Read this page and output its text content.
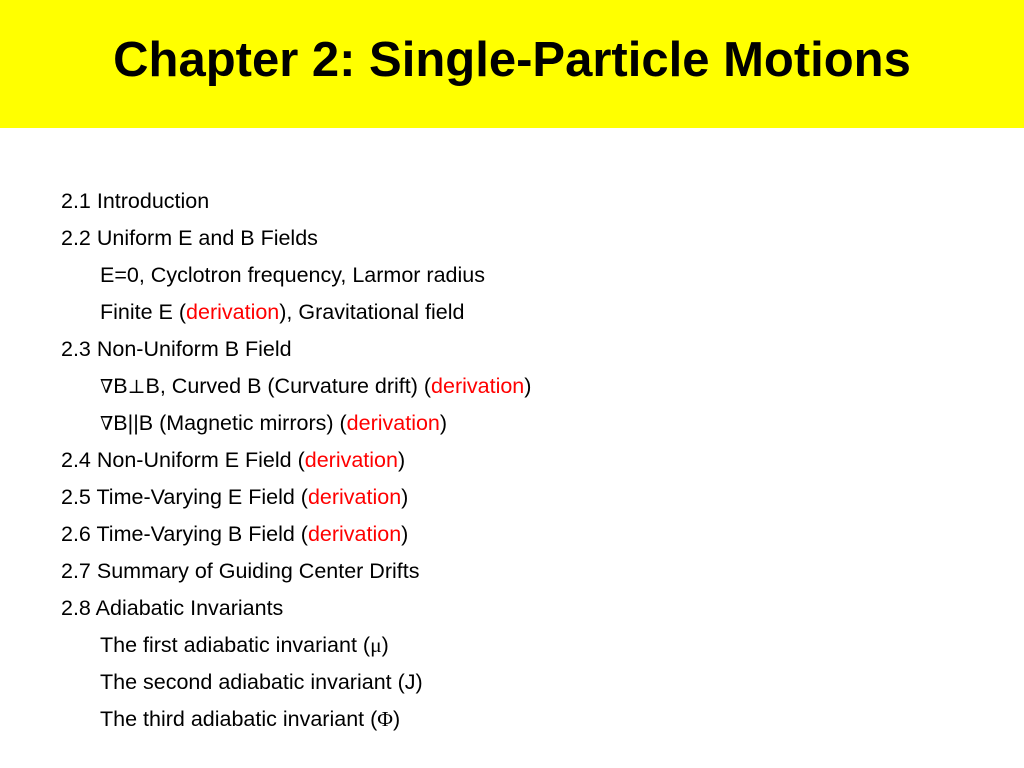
Chapter 2: Single-Particle Motions
2.1 Introduction
2.2 Uniform E and B Fields
E=0, Cyclotron frequency, Larmor radius
Finite E (derivation), Gravitational field
2.3 Non-Uniform B Field
∇B⊥B, Curved B (Curvature drift) (derivation)
∇B||B (Magnetic mirrors) (derivation)
2.4 Non-Uniform E Field (derivation)
2.5 Time-Varying E Field (derivation)
2.6 Time-Varying B Field (derivation)
2.7 Summary of Guiding Center Drifts
2.8 Adiabatic Invariants
The first adiabatic invariant (μ)
The second adiabatic invariant (J)
The third adiabatic invariant (Φ)
